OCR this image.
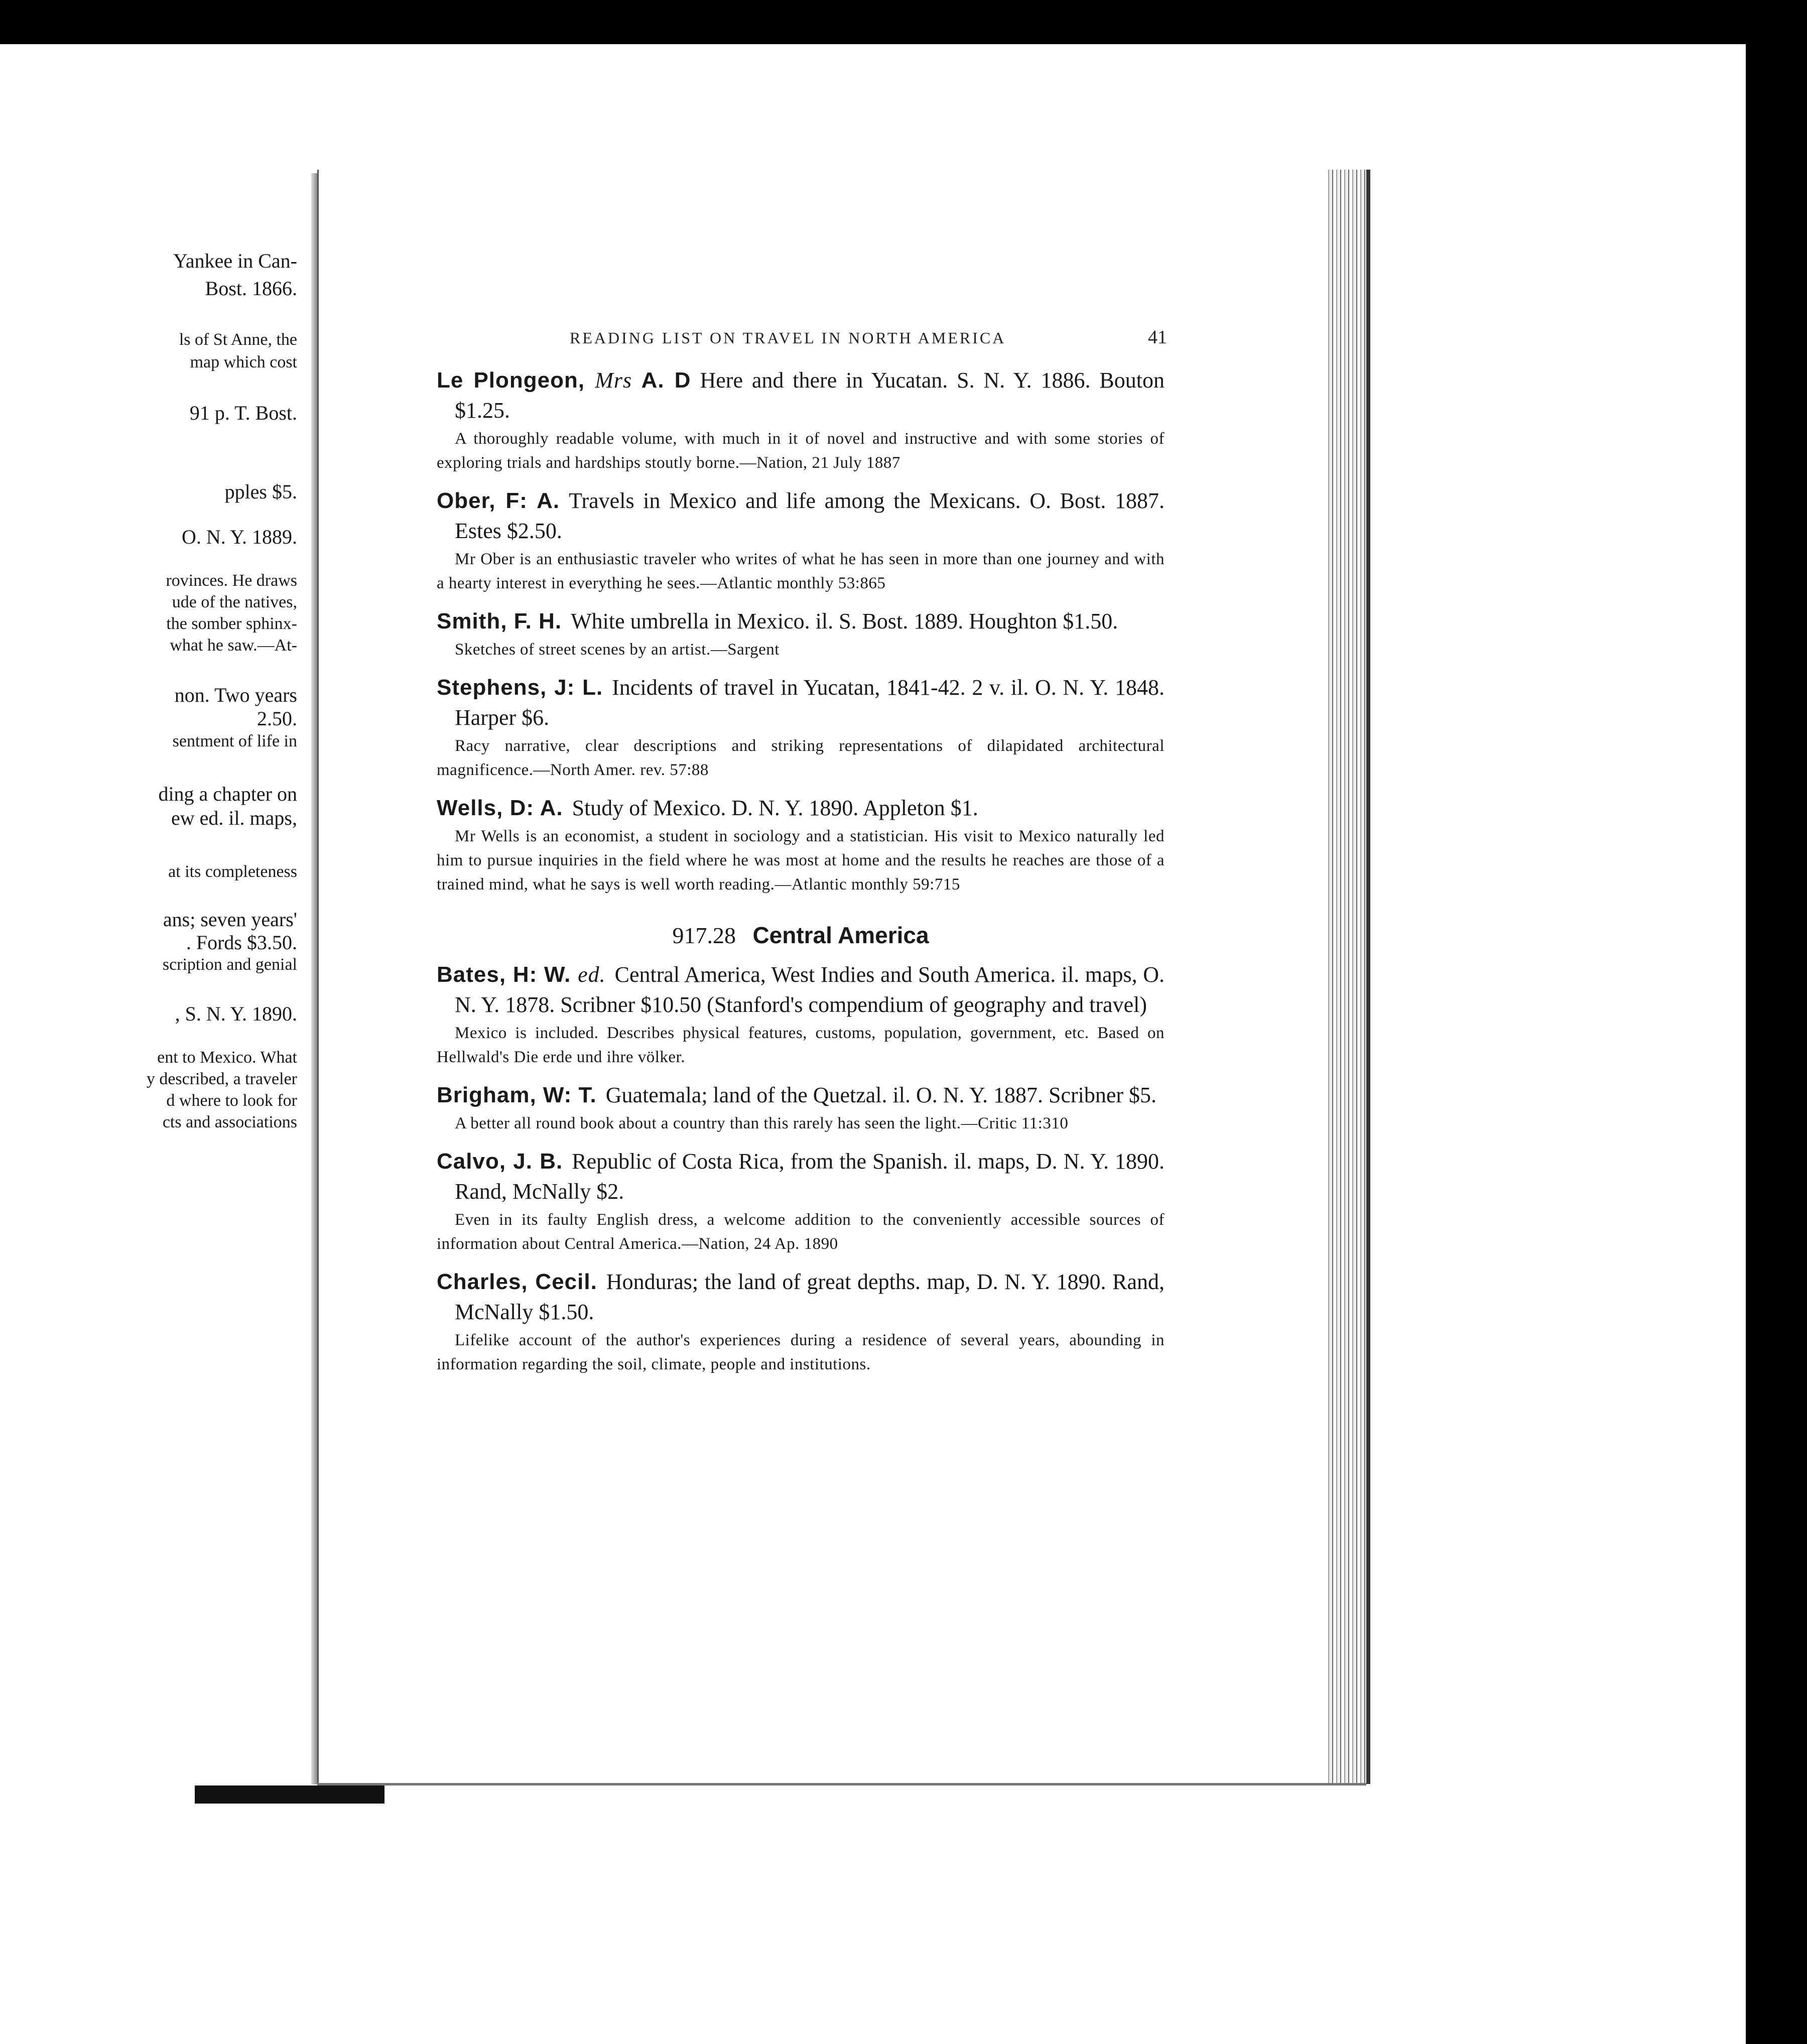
Yankee in Can-
Bost. 1866.
ls of St Anne, the
map which cost
91 p. T. Bost.
pples $5.
O. N. Y. 1889.
rovinces. He draws
ude of the natives,
the somber sphinx-
what he saw.—At-
non. Two years
2.50.
sentment of life in
ding a chapter on
ew ed. il. maps,
at its completeness
ans; seven years'
. Fords $3.50.
scription and genial
, S. N. Y. 1890.
ent to Mexico. What
y described, a traveler
d where to look for
cts and associations
READING LIST ON TRAVEL IN NORTH AMERICA	41
Le Plongeon, Mrs A. D Here and there in Yucatan. S. N. Y. 1886. Bouton $1.25.
A thoroughly readable volume, with much in it of novel and instructive and with some stories of exploring trials and hardships stoutly borne.—Nation, 21 July 1887
Ober, F: A. Travels in Mexico and life among the Mexicans. O. Bost. 1887. Estes $2.50.
Mr Ober is an enthusiastic traveler who writes of what he has seen in more than one journey and with a hearty interest in everything he sees.—Atlantic monthly 53:865
Smith, F. H. White umbrella in Mexico. il. S. Bost. 1889. Houghton $1.50.
Sketches of street scenes by an artist.—Sargent
Stephens, J: L. Incidents of travel in Yucatan, 1841-42. 2 v. il. O. N. Y. 1848. Harper $6.
Racy narrative, clear descriptions and striking representations of dilapidated architectural magnificence.—North Amer. rev. 57:88
Wells, D: A. Study of Mexico. D. N. Y. 1890. Appleton $1.
Mr Wells is an economist, a student in sociology and a statistician. His visit to Mexico naturally led him to pursue inquiries in the field where he was most at home and the results he reaches are those of a trained mind, what he says is well worth reading.—Atlantic monthly 59:715
917.28 Central America
Bates, H: W. ed. Central America, West Indies and South America. il. maps, O. N. Y. 1878. Scribner $10.50 (Stanford's compendium of geography and travel)
Mexico is included. Describes physical features, customs, population, government, etc. Based on Hellwald's Die erde und ihre völker.
Brigham, W: T. Guatemala; land of the Quetzal. il. O. N. Y. 1887. Scribner $5.
A better all round book about a country than this rarely has seen the light.—Critic 11:310
Calvo, J. B. Republic of Costa Rica, from the Spanish. il. maps, D. N. Y. 1890. Rand, McNally $2.
Even in its faulty English dress, a welcome addition to the conveniently accessible sources of information about Central America.—Nation, 24 Ap. 1890
Charles, Cecil. Honduras; the land of great depths. map, D. N. Y. 1890. Rand, McNally $1.50.
Lifelike account of the author's experiences during a residence of several years, abounding in information regarding the soil, climate, people and institutions.
